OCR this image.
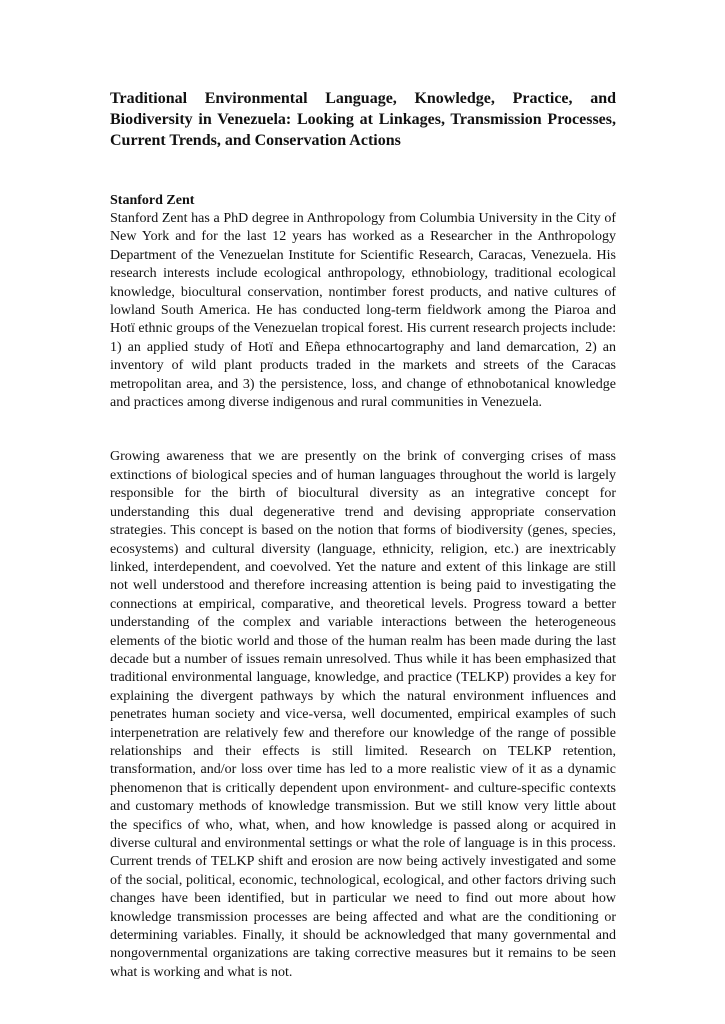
Traditional Environmental Language, Knowledge, Practice, and Biodiversity in Venezuela: Looking at Linkages, Transmission Processes, Current Trends, and Conservation Actions

Stanford Zent

Stanford Zent has a PhD degree in Anthropology from Columbia University in the City of New York and for the last 12 years has worked as a Researcher in the Anthropology Department of the Venezuelan Institute for Scientific Research, Caracas, Venezuela. His research interests include ecological anthropology, ethnobiology, traditional ecological knowledge, biocultural conservation, nontimber forest products, and native cultures of lowland South America. He has conducted long-term fieldwork among the Piaroa and Hotï ethnic groups of the Venezuelan tropical forest. His current research projects include: 1) an applied study of Hotï and Eñepa ethnocartography and land demarcation, 2) an inventory of wild plant products traded in the markets and streets of the Caracas metropolitan area, and 3) the persistence, loss, and change of ethnobotanical knowledge and practices among diverse indigenous and rural communities in Venezuela.

Growing awareness that we are presently on the brink of converging crises of mass extinctions of biological species and of human languages throughout the world is largely responsible for the birth of biocultural diversity as an integrative concept for understanding this dual degenerative trend and devising appropriate conservation strategies. This concept is based on the notion that forms of biodiversity (genes, species, ecosystems) and cultural diversity (language, ethnicity, religion, etc.) are inextricably linked, interdependent, and coevolved. Yet the nature and extent of this linkage are still not well understood and therefore increasing attention is being paid to investigating the connections at empirical, comparative, and theoretical levels. Progress toward a better understanding of the complex and variable interactions between the heterogeneous elements of the biotic world and those of the human realm has been made during the last decade but a number of issues remain unresolved. Thus while it has been emphasized that traditional environmental language, knowledge, and practice (TELKP) provides a key for explaining the divergent pathways by which the natural environment influences and penetrates human society and vice-versa, well documented, empirical examples of such interpenetration are relatively few and therefore our knowledge of the range of possible relationships and their effects is still limited. Research on TELKP retention, transformation, and/or loss over time has led to a more realistic view of it as a dynamic phenomenon that is critically dependent upon environment- and culture-specific contexts and customary methods of knowledge transmission. But we still know very little about the specifics of who, what, when, and how knowledge is passed along or acquired in diverse cultural and environmental settings or what the role of language is in this process. Current trends of TELKP shift and erosion are now being actively investigated and some of the social, political, economic, technological, ecological, and other factors driving such changes have been identified, but in particular we need to find out more about how knowledge transmission processes are being affected and what are the conditioning or determining variables. Finally, it should be acknowledged that many governmental and nongovernmental organizations are taking corrective measures but it remains to be seen what is working and what is not.
